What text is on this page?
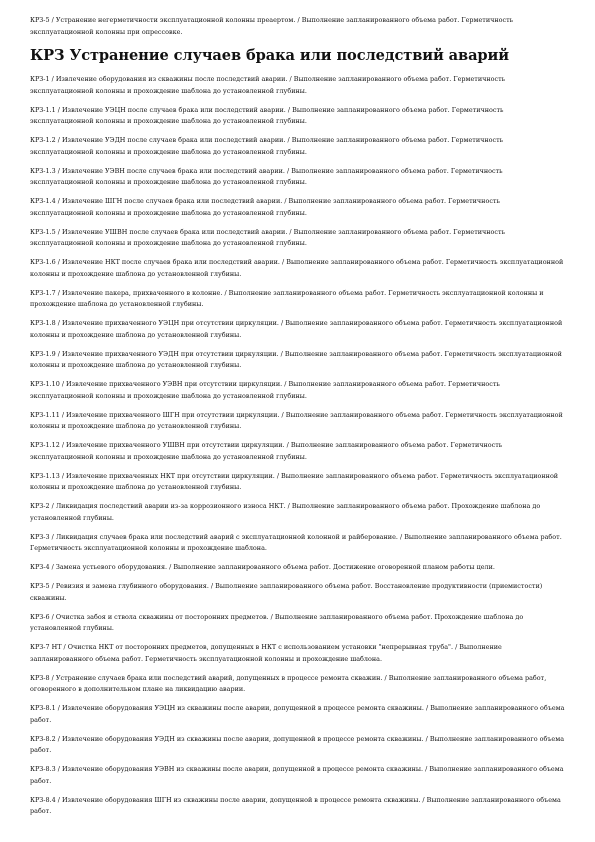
КРЗ-5 / Устранение негерметичности эксплуатационной колонны преаертом. / Выполнение запланированного объема работ. Герметичность эксплуатационной колонны при опрессовке.

КРЗ Устранение случаев брака или последствий аварий

КРЗ-1 / Извлечение оборудования из скважины после последствий аварии. / Выполнение запланированного объема работ. Герметичность эксплуатационной колонны и прохождение шаблона до установленной глубины.

КРЗ-1.1 / Извлечение УЭЦН после случаев брака или последствий аварии. / Выполнение запланированного объема работ. Герметичность эксплуатационной колонны и прохождение шаблона до установленной глубины.

КРЗ-1.2 / Извлечение УЭДН после случаев брака или последствий аварии. / Выполнение запланированного объема работ. Герметичность эксплуатационной колонны и прохождение шаблона до установленной глубины.

КРЗ-1.3 / Извлечение УЭВН после случаев брака или последствий аварии. / Выполнение запланированного объема работ. Герметичность эксплуатационной колонны и прохождение шаблона до установленной глубины.

КРЗ-1.4 / Извлечение ШГН после случаев брака или последствий аварии. / Выполнение запланированного объема работ. Герметичность эксплуатационной колонны и прохождение шаблона до установленной глубины.

КРЗ-1.5 / Извлечение УШВН после случаев брака или последствий аварии. / Выполнение запланированного объема работ. Герметичность эксплуатационной колонны и прохождение шаблона до установленной глубины.

КРЗ-1.6 / Извлечение НКТ после случаев брака или последствий аварии. / Выполнение запланированного объема работ. Герметичность эксплуатационной колонны и прохождение шаблона до установленной глубины.

КРЗ-1.7 / Извлечение пакера, прихваченного в колонне. / Выполнение запланированного объема работ. Герметичность эксплуатационной колонны и прохождение шаблона до установленной глубины.

КРЗ-1.8 / Извлечение прихваченного УЭЦН при отсутствии циркуляции. / Выполнение запланированного объема работ. Герметичность эксплуатационной колонны и прохождение шаблона до установленной глубины.

КРЗ-1.9 / Извлечение прихваченного УЭДН при отсутствии циркуляции. / Выполнение запланированного объема работ. Герметичность эксплуатационной колонны и прохождение шаблона до установленной глубины.

КРЗ-1.10 / Извлечение прихваченного УЭВН при отсутствии циркуляции. / Выполнение запланированного объема работ. Герметичность эксплуатационной колонны и прохождение шаблона до установленной глубины.

КРЗ-1.11 / Извлечение прихваченного ШГН при отсутствии циркуляции. / Выполнение запланированного объема работ. Герметичность эксплуатационной колонны и прохождение шаблона до установленной глубины.

КРЗ-1.12 / Извлечение прихваченного УШВН при отсутствии циркуляции. / Выполнение запланированного объема работ. Герметичность эксплуатационной колонны и прохождение шаблона до установленной глубины.

КРЗ-1.13 / Извлечение прихваченных НКТ при отсутствии циркуляции. / Выполнение запланированного объема работ. Герметичность эксплуатационной колонны и прохождение шаблона до установленной глубины.

КРЗ-2 / Ликвидация последствий аварии из-за коррозионного износа НКТ. / Выполнение запланированного объема работ. Прохождение шаблона до установленной глубины.

КРЗ-3 / Ликвидация случаев брака или последствий аварий с эксплуатационной колонной и райберование. / Выполнение запланированного объема работ. Герметичность эксплуатационной колонны и прохождение шаблона.

КРЗ-4 / Замена устьевого оборудования. / Выполнение запланированного объема работ. Достижение оговоренной планом работы цели.

КРЗ-5 / Ревизия и замена глубинного оборудования. / Выполнение запланированного объема работ. Восстановление продуктивности (приемистости) скважины.

КРЗ-6 / Очистка забоя и ствола скважины от посторонних предметов. / Выполнение запланированного объема работ. Прохождение шаблона до установленной глубины.

КРЗ-7 НТ / Очистка НКТ от посторонних предметов, допущенных в НКТ с использованием установки "непрерывная труба". / Выполнение запланированного объема работ. Герметичность эксплуатационной колонны и прохождение шаблона.

КРЗ-8 / Устранение случаев брака или последствий аварий, допущенных в процессе ремонта скважин. / Выполнение запланированного объема работ, оговоренного в дополнительном плане на ликвидацию аварии.

КРЗ-8.1 / Извлечение оборудования УЭЦН из скважины после аварии, допущенной в процессе ремонта скважины. / Выполнение запланированного объема работ.

КРЗ-8.2 / Извлечение оборудования УЭДН из скважины после аварии, допущенной в процессе ремонта скважины. / Выполнение запланированного объема работ.

КРЗ-8.3 / Извлечение оборудования УЭВН из скважины после аварии, допущенной в процессе ремонта скважины. / Выполнение запланированного объема работ.

КРЗ-8.4 / Извлечение оборудования ШГН из скважины после аварии, допущенной в процессе ремонта скважины. / Выполнение запланированного объема работ.
